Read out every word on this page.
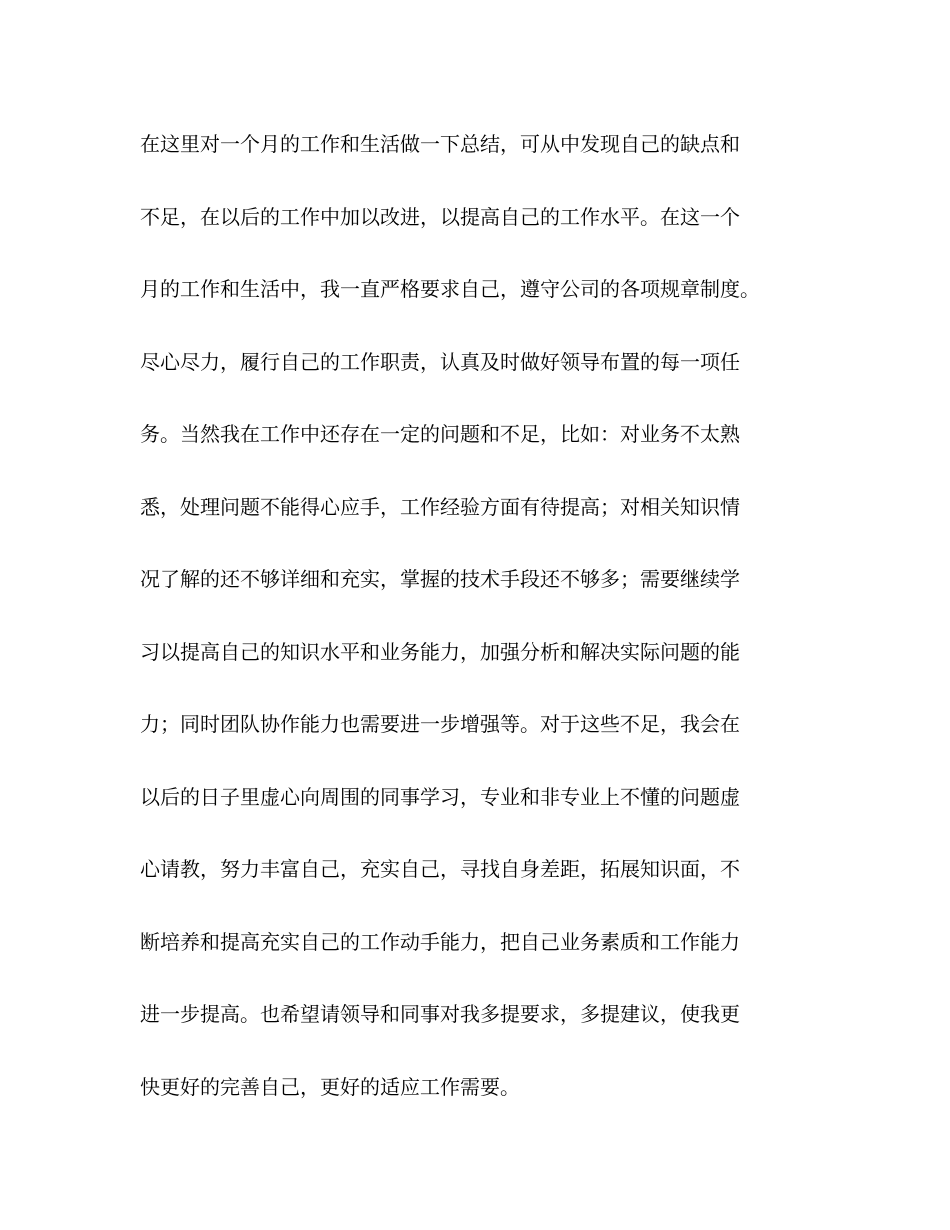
在这里对一个月的工作和生活做一下总结，可从中发现自己的缺点和
不足，在以后的工作中加以改进，以提高自己的工作水平。在这一个
月的工作和生活中，我一直严格要求自己，遵守公司的各项规章制度。
尽心尽力，履行自己的工作职责，认真及时做好领导布置的每一项任
务。当然我在工作中还存在一定的问题和不足，比如：对业务不太熟
悉，处理问题不能得心应手，工作经验方面有待提高；对相关知识情
况了解的还不够详细和充实，掌握的技术手段还不够多；需要继续学
习以提高自己的知识水平和业务能力，加强分析和解决实际问题的能
力；同时团队协作能力也需要进一步增强等。对于这些不足，我会在
以后的日子里虚心向周围的同事学习，专业和非专业上不懂的问题虚
心请教，努力丰富自己，充实自己，寻找自身差距，拓展知识面，不
断培养和提高充实自己的工作动手能力，把自己业务素质和工作能力
进一步提高。也希望请领导和同事对我多提要求，多提建议，使我更
快更好的完善自己，更好的适应工作需要。
